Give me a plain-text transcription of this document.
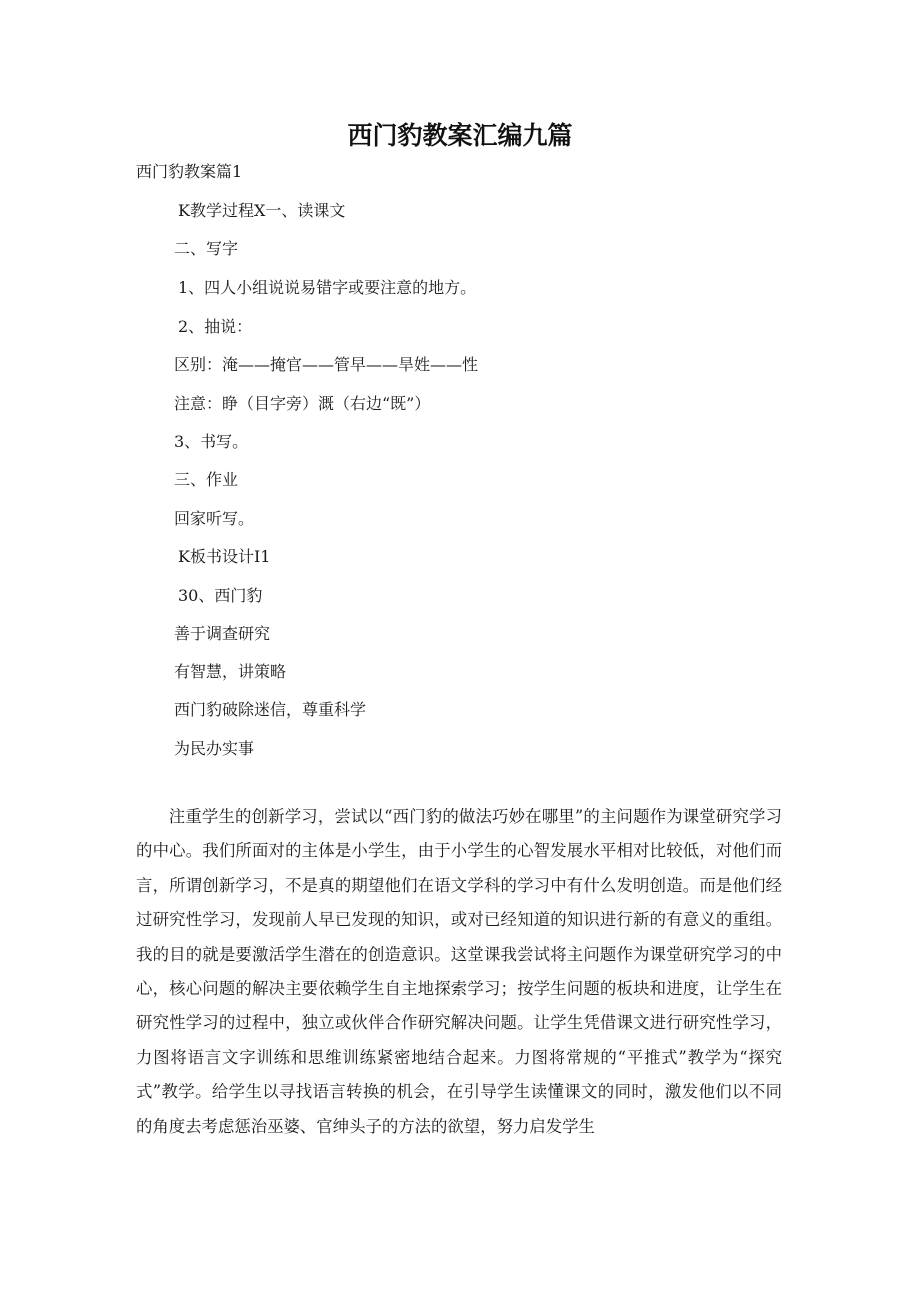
西门豹教案汇编九篇
西门豹教案篇1
K教学过程X一、读课文
二、写字
1、四人小组说说易错字或要注意的地方。
2、抽说：
区别：淹——掩官——管早——旱姓——性
注意：睁（目字旁）溉（右边“既”）
3、书写。
三、作业
回家听写。
K板书设计I1
30、西门豹
善于调查研究
有智慧，讲策略
西门豹破除迷信，尊重科学
为民办实事
注重学生的创新学习，尝试以“西门豹的做法巧妙在哪里”的主问题作为课堂研究学习的中心。我们所面对的主体是小学生，由于小学生的心智发展水平相对比较低，对他们而言，所谓创新学习，不是真的期望他们在语文学科的学习中有什么发明创造。而是他们经过研究性学习，发现前人早已发现的知识，或对已经知道的知识进行新的有意义的重组。我的目的就是要激活学生潜在的创造意识。这堂课我尝试将主问题作为课堂研究学习的中心，核心问题的解决主要依赖学生自主地探索学习；按学生问题的板块和进度，让学生在研究性学习的过程中，独立或伙伴合作研究解决问题。让学生凭借课文进行研究性学习，力图将语言文字训练和思维训练紧密地结合起来。力图将常规的“平推式”教学为“探究式”教学。给学生以寻找语言转换的机会，在引导学生读懂课文的同时，激发他们以不同的角度去考虑惩治巫婆、官绅头子的方法的欲望，努力启发学生
